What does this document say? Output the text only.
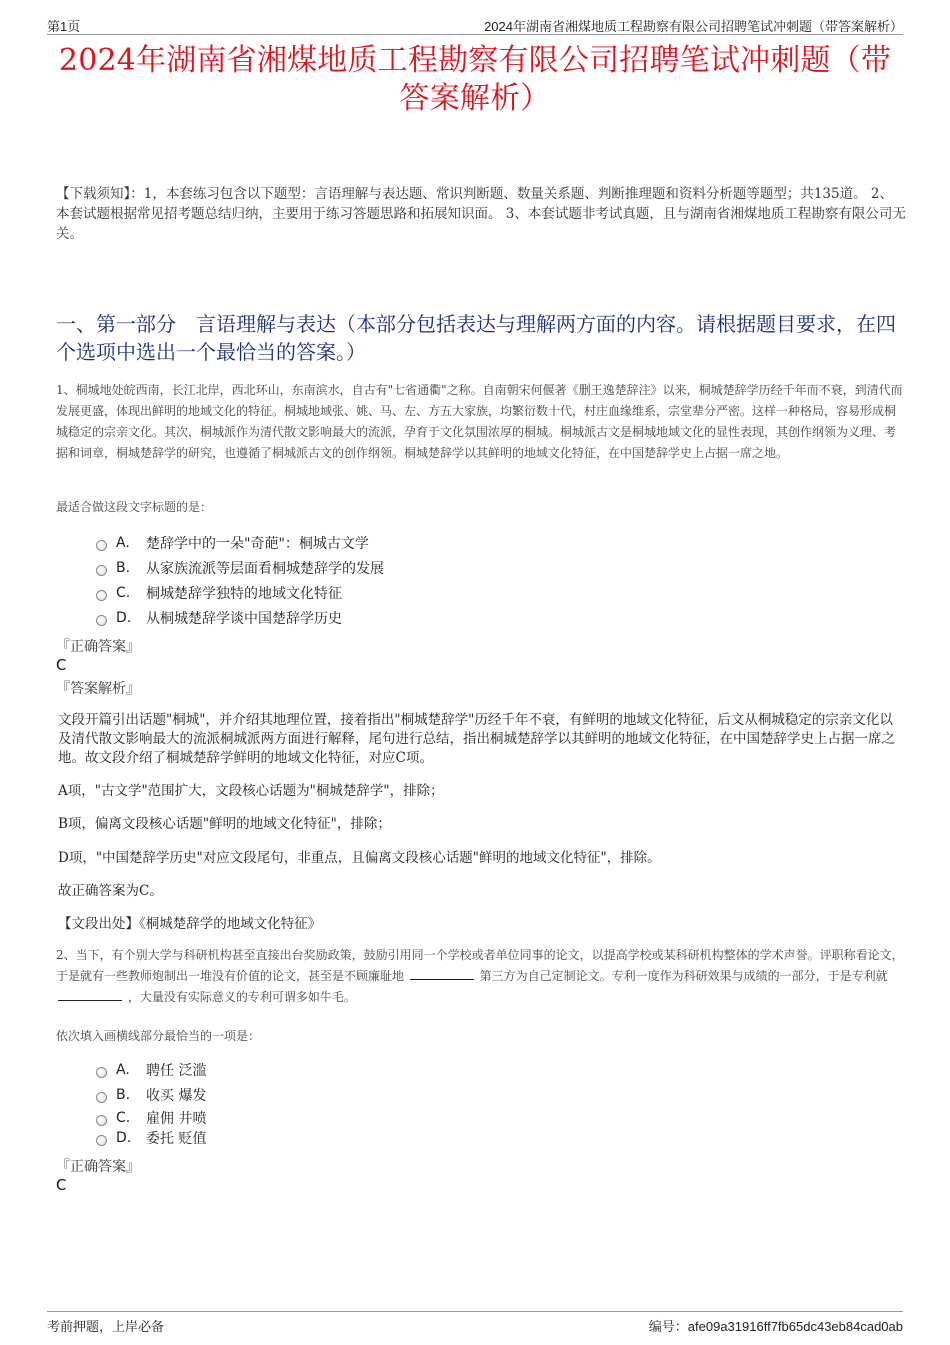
第1页	2024年湖南省湘煤地质工程勘察有限公司招聘笔试冲刺题（带答案解析）
2024年湖南省湘煤地质工程勘察有限公司招聘笔试冲刺题（带答案解析）
【下载须知】：1，本套练习包含以下题型：言语理解与表达题、常识判断题、数量关系题、判断推理题和资料分析题等题型；共135道。 2、本套试题根据常见招考题总结归纳，主要用于练习答题思路和拓展知识面。 3、本套试题非考试真题，且与湖南省湘煤地质工程勘察有限公司无关。
一、第一部分　言语理解与表达（本部分包括表达与理解两方面的内容。请根据题目要求，在四个选项中选出一个最恰当的答案。）
1、桐城地处皖西南，长江北岸，西北环山，东南滨水，自古有"七省通衢"之称。自南朝宋何偃著《删王逸楚辞注》以来，桐城楚辞学历经千年而不衰，到清代而发展更盛，体现出鲜明的地域文化的特征。桐城地域张、姚、马、左、方五大家族，均繁衍数十代，村庄血缘维系，宗堂辈分严密。这样一种格局，容易形成桐城稳定的宗亲文化。其次，桐城派作为清代散文影响最大的流派，孕育于文化氛围浓厚的桐城。桐城派古文是桐城地域文化的显性表现，其创作纲领为义理、考据和词章，桐城楚辞学的研究，也遵循了桐城派古文的创作纲领。桐城楚辞学以其鲜明的地域文化特征，在中国楚辞学史上占据一席之地。
最适合做这段文字标题的是：
A.	楚辞学中的一朵"奇葩"：桐城古文学
B.	从家族流派等层面看桐城楚辞学的发展
C.	桐城楚辞学独特的地域文化特征
D.	从桐城楚辞学谈中国楚辞学历史
『正确答案』
C
『答案解析』
文段开篇引出话题"桐城"，并介绍其地理位置，接着指出"桐城楚辞学"历经千年不衰，有鲜明的地域文化特征，后文从桐城稳定的宗亲文化以及清代散文影响最大的流派桐城派两方面进行解释，尾句进行总结，指出桐城楚辞学以其鲜明的地域文化特征，在中国楚辞学史上占据一席之地。故文段介绍了桐城楚辞学鲜明的地域文化特征，对应C项。
A项，"古文学"范围扩大，文段核心话题为"桐城楚辞学"，排除；
B项，偏离文段核心话题"鲜明的地域文化特征"，排除；
D项，"中国楚辞学历史"对应文段尾句，非重点，且偏离文段核心话题"鲜明的地域文化特征"，排除。
故正确答案为C。
【文段出处】《桐城楚辞学的地域文化特征》
2、当下，有个别大学与科研机构甚至直接出台奖励政策，鼓励引用同一个学校或者单位同事的论文，以提高学校或某科研机构整体的学术声誉。评职称看论文，于是就有一些教师炮制出一堆没有价值的论文，甚至是不顾廉耻地	第三方为自己定制论文。专利一度作为科研效果与成绩的一部分，于是专利就  ，大量没有实际意义的专利可谓多如牛毛。
依次填入画横线部分最恰当的一项是：
A.	聘任 泛滥
B.	收买 爆发
C.	雇佣 井喷
D.	委托 贬值
『正确答案』
C
考前押题，上岸必备	编号：afe09a31916ff7fb65dc43eb84cad0ab
